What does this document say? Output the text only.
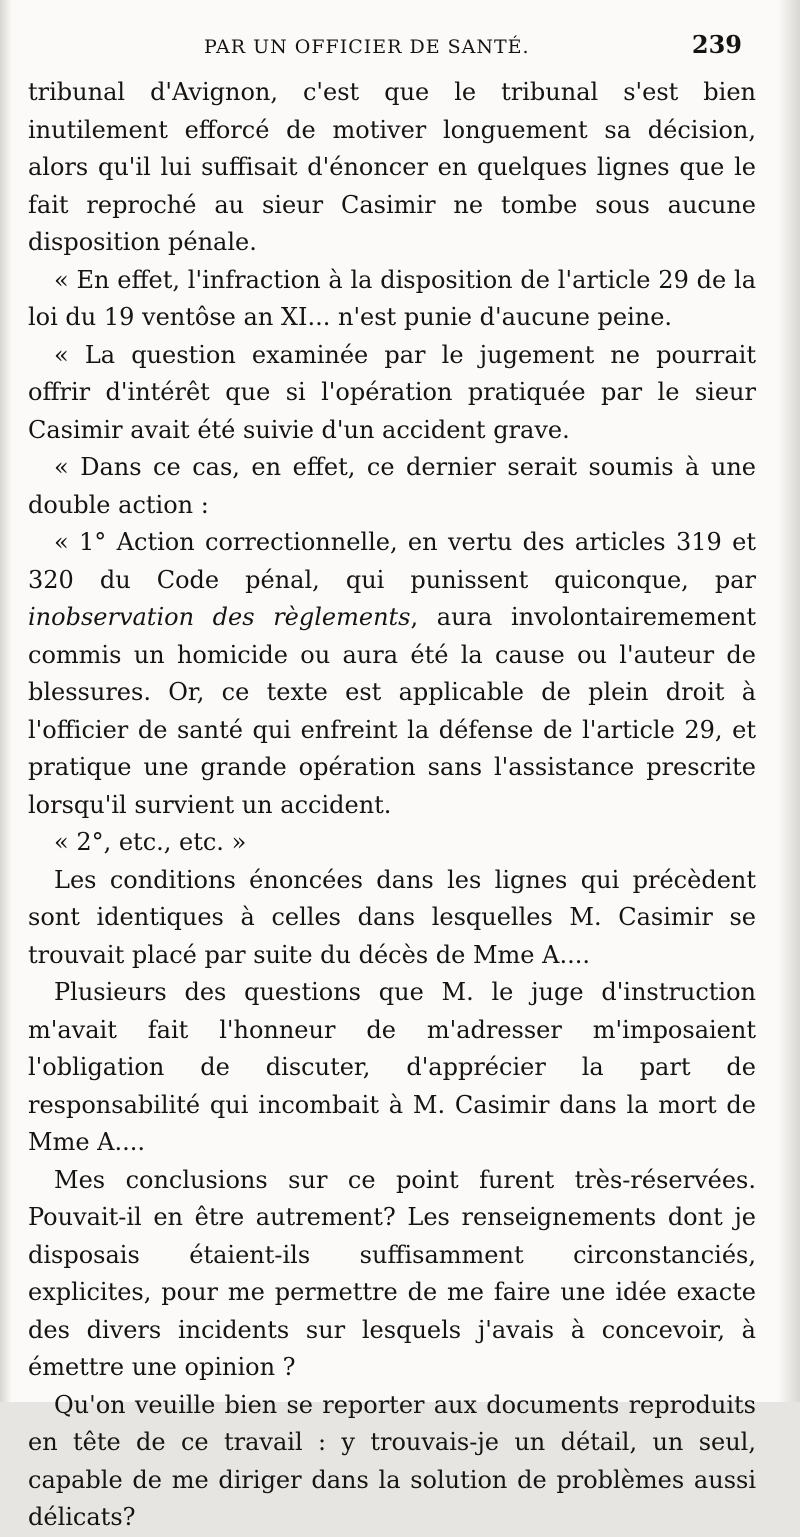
PAR UN OFFICIER DE SANTÉ.	239

tribunal d'Avignon, c'est que le tribunal s'est bien inutilement efforcé de motiver longuement sa décision, alors qu'il lui suffisait d'énoncer en quelques lignes que le fait reproché au sieur Casimir ne tombe sous aucune disposition pénale.

« En effet, l'infraction à la disposition de l'article 29 de la loi du 19 ventôse an XI... n'est punie d'aucune peine.

« La question examinée par le jugement ne pourrait offrir d'intérêt que si l'opération pratiquée par le sieur Casimir avait été suivie d'un accident grave.

« Dans ce cas, en effet, ce dernier serait soumis à une double action :

« 1° Action correctionnelle, en vertu des articles 319 et 320 du Code pénal, qui punissent quiconque, par inobservation des règlements, aura involontairemement commis un homicide ou aura été la cause ou l'auteur de blessures. Or, ce texte est applicable de plein droit à l'officier de santé qui enfreint la défense de l'article 29, et pratique une grande opération sans l'assistance prescrite lorsqu'il survient un accident.

« 2°, etc., etc. »

Les conditions énoncées dans les lignes qui précèdent sont identiques à celles dans lesquelles M. Casimir se trouvait placé par suite du décès de Mme A....

Plusieurs des questions que M. le juge d'instruction m'avait fait l'honneur de m'adresser m'imposaient l'obligation de discuter, d'apprécier la part de responsabilité qui incombait à M. Casimir dans la mort de Mme A....

Mes conclusions sur ce point furent très-réservées. Pouvait-il en être autrement? Les renseignements dont je disposais étaient-ils suffisamment circonstanciés, explicites, pour me permettre de me faire une idée exacte des divers incidents sur lesquels j'avais à concevoir, à émettre une opinion ?

Qu'on veuille bien se reporter aux documents reproduits en tête de ce travail : y trouvais-je un détail, un seul, capable de me diriger dans la solution de problèmes aussi délicats?
